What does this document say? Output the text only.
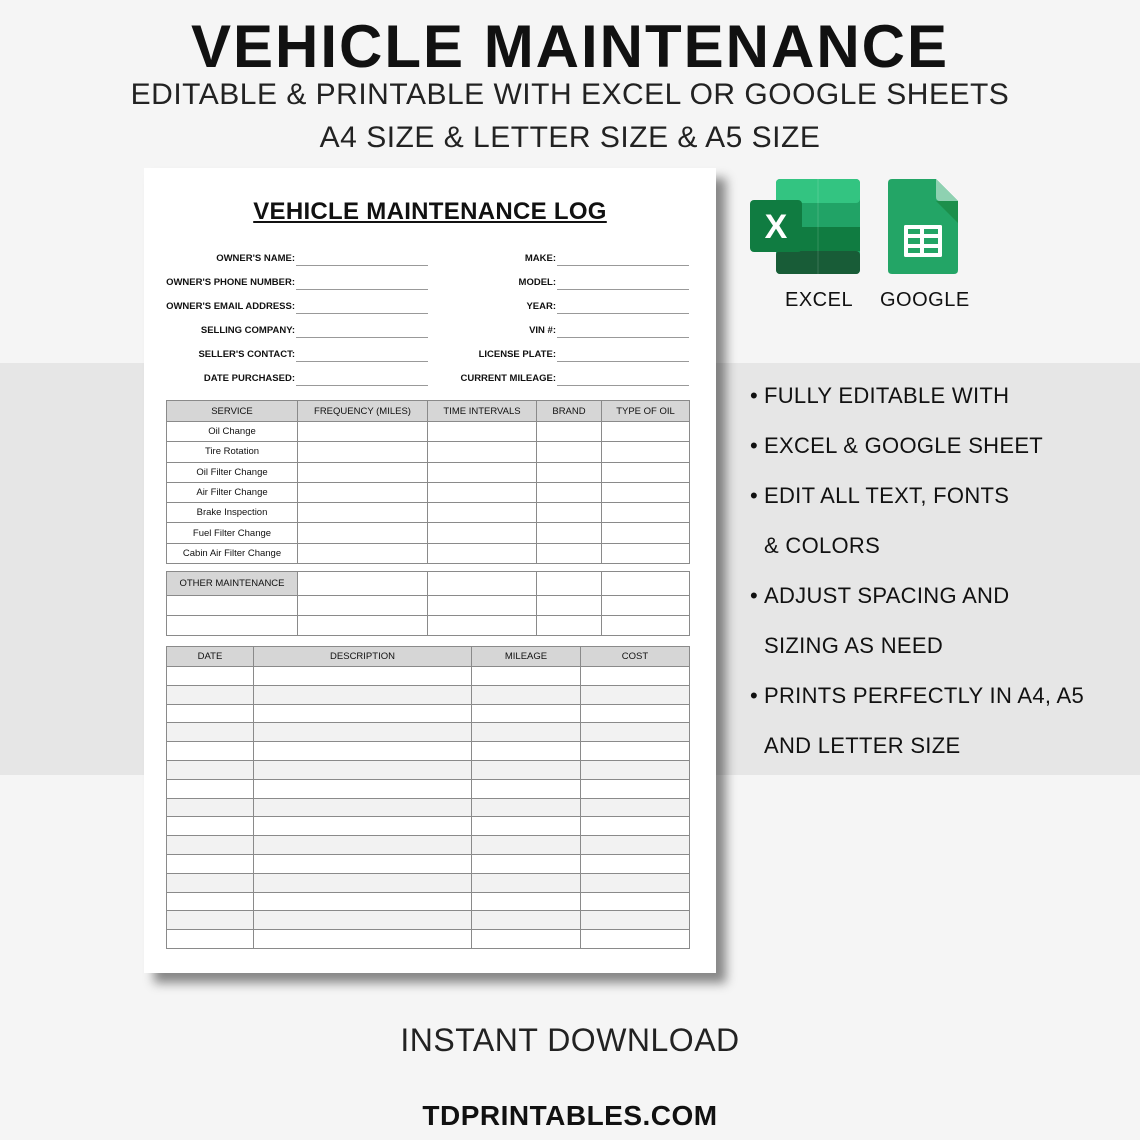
VEHICLE MAINTENANCE
EDITABLE & PRINTABLE WITH EXCEL OR GOOGLE SHEETS
A4 SIZE & LETTER SIZE & A5 SIZE
VEHICLE MAINTENANCE LOG
OWNER'S NAME:
OWNER'S PHONE NUMBER:
OWNER'S EMAIL ADDRESS:
SELLING COMPANY:
SELLER'S CONTACT:
DATE PURCHASED:
MAKE:
MODEL:
YEAR:
VIN #:
LICENSE PLATE:
CURRENT MILEAGE:
SERVICE	FREQUENCY (MILES)	TIME INTERVALS	BRAND	TYPE OF OIL
Oil Change				
Tire Rotation				
Oil Filter Change				
Air Filter Change				
Brake Inspection				
Fuel Filter Change				
Cabin Air Filter Change				
OTHER MAINTENANCE				

DATE	DESCRIPTION	MILEAGE	COST

X
EXCEL GOOGLE
• FULLY EDITABLE WITH
• EXCEL & GOOGLE SHEET
• EDIT ALL TEXT, FONTS
& COLORS
• ADJUST SPACING AND
SIZING AS NEED
• PRINTS PERFECTLY IN A4, A5
AND LETTER SIZE
INSTANT DOWNLOAD
TDPRINTABLES.COM
